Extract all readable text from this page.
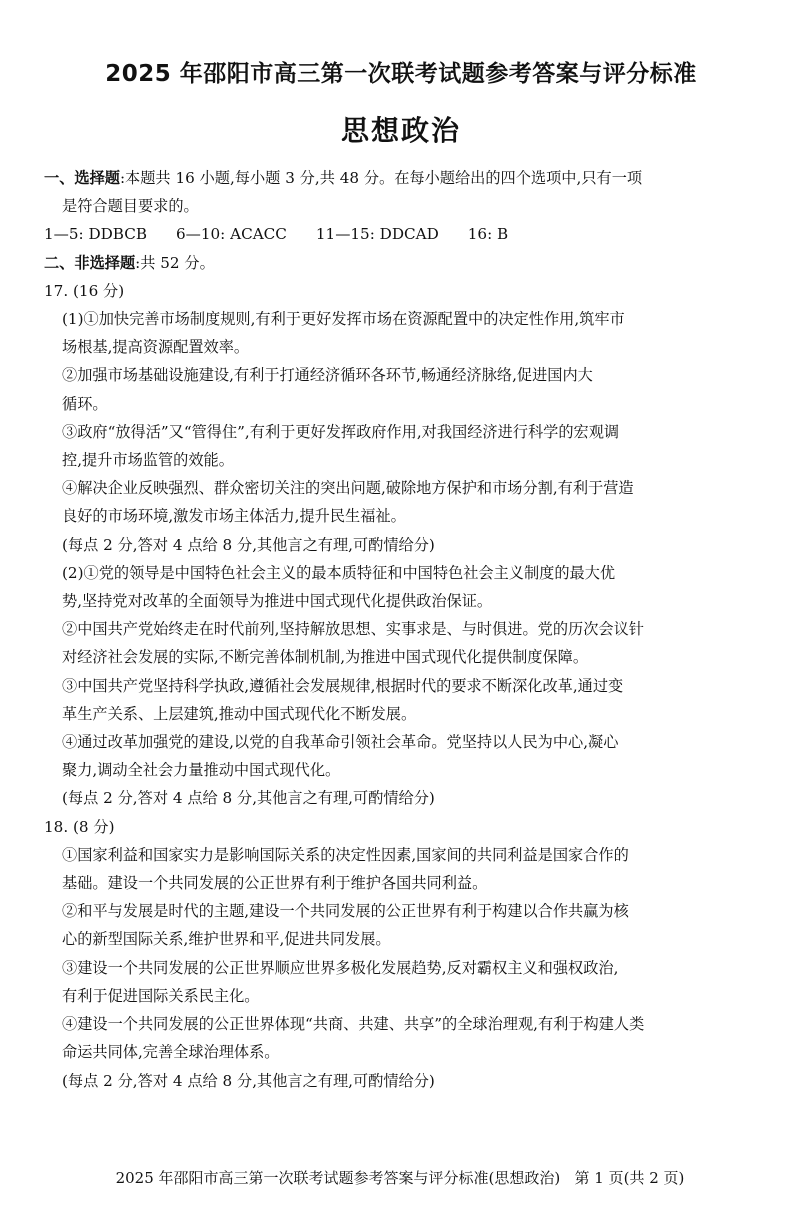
2025 年邵阳市高三第一次联考试题参考答案与评分标准
思想政治
一、选择题:本题共 16 小题,每小题 3 分,共 48 分。在每小题给出的四个选项中,只有一项
是符合题目要求的。
1—5: DDBCB      6—10: ACACC      11—15: DDCAD      16: B
二、非选择题:共 52 分。
17. (16 分)
(1)①加快完善市场制度规则,有利于更好发挥市场在资源配置中的决定性作用,筑牢市
场根基,提高资源配置效率。
②加强市场基础设施建设,有利于打通经济循环各环节,畅通经济脉络,促进国内大
循环。
③政府“放得活”又“管得住”,有利于更好发挥政府作用,对我国经济进行科学的宏观调
控,提升市场监管的效能。
④解决企业反映强烈、群众密切关注的突出问题,破除地方保护和市场分割,有利于营造
良好的市场环境,激发市场主体活力,提升民生福祉。
(每点 2 分,答对 4 点给 8 分,其他言之有理,可酌情给分)
(2)①党的领导是中国特色社会主义的最本质特征和中国特色社会主义制度的最大优
势,坚持党对改革的全面领导为推进中国式现代化提供政治保证。
②中国共产党始终走在时代前列,坚持解放思想、实事求是、与时俱进。党的历次会议针
对经济社会发展的实际,不断完善体制机制,为推进中国式现代化提供制度保障。
③中国共产党坚持科学执政,遵循社会发展规律,根据时代的要求不断深化改革,通过变
革生产关系、上层建筑,推动中国式现代化不断发展。
④通过改革加强党的建设,以党的自我革命引领社会革命。党坚持以人民为中心,凝心
聚力,调动全社会力量推动中国式现代化。
(每点 2 分,答对 4 点给 8 分,其他言之有理,可酌情给分)
18. (8 分)
①国家利益和国家实力是影响国际关系的决定性因素,国家间的共同利益是国家合作的
基础。建设一个共同发展的公正世界有利于维护各国共同利益。
②和平与发展是时代的主题,建设一个共同发展的公正世界有利于构建以合作共赢为核
心的新型国际关系,维护世界和平,促进共同发展。
③建设一个共同发展的公正世界顺应世界多极化发展趋势,反对霸权主义和强权政治,
有利于促进国际关系民主化。
④建设一个共同发展的公正世界体现“共商、共建、共享”的全球治理观,有利于构建人类
命运共同体,完善全球治理体系。
(每点 2 分,答对 4 点给 8 分,其他言之有理,可酌情给分)
2025 年邵阳市高三第一次联考试题参考答案与评分标准(思想政治)   第 1 页(共 2 页)
